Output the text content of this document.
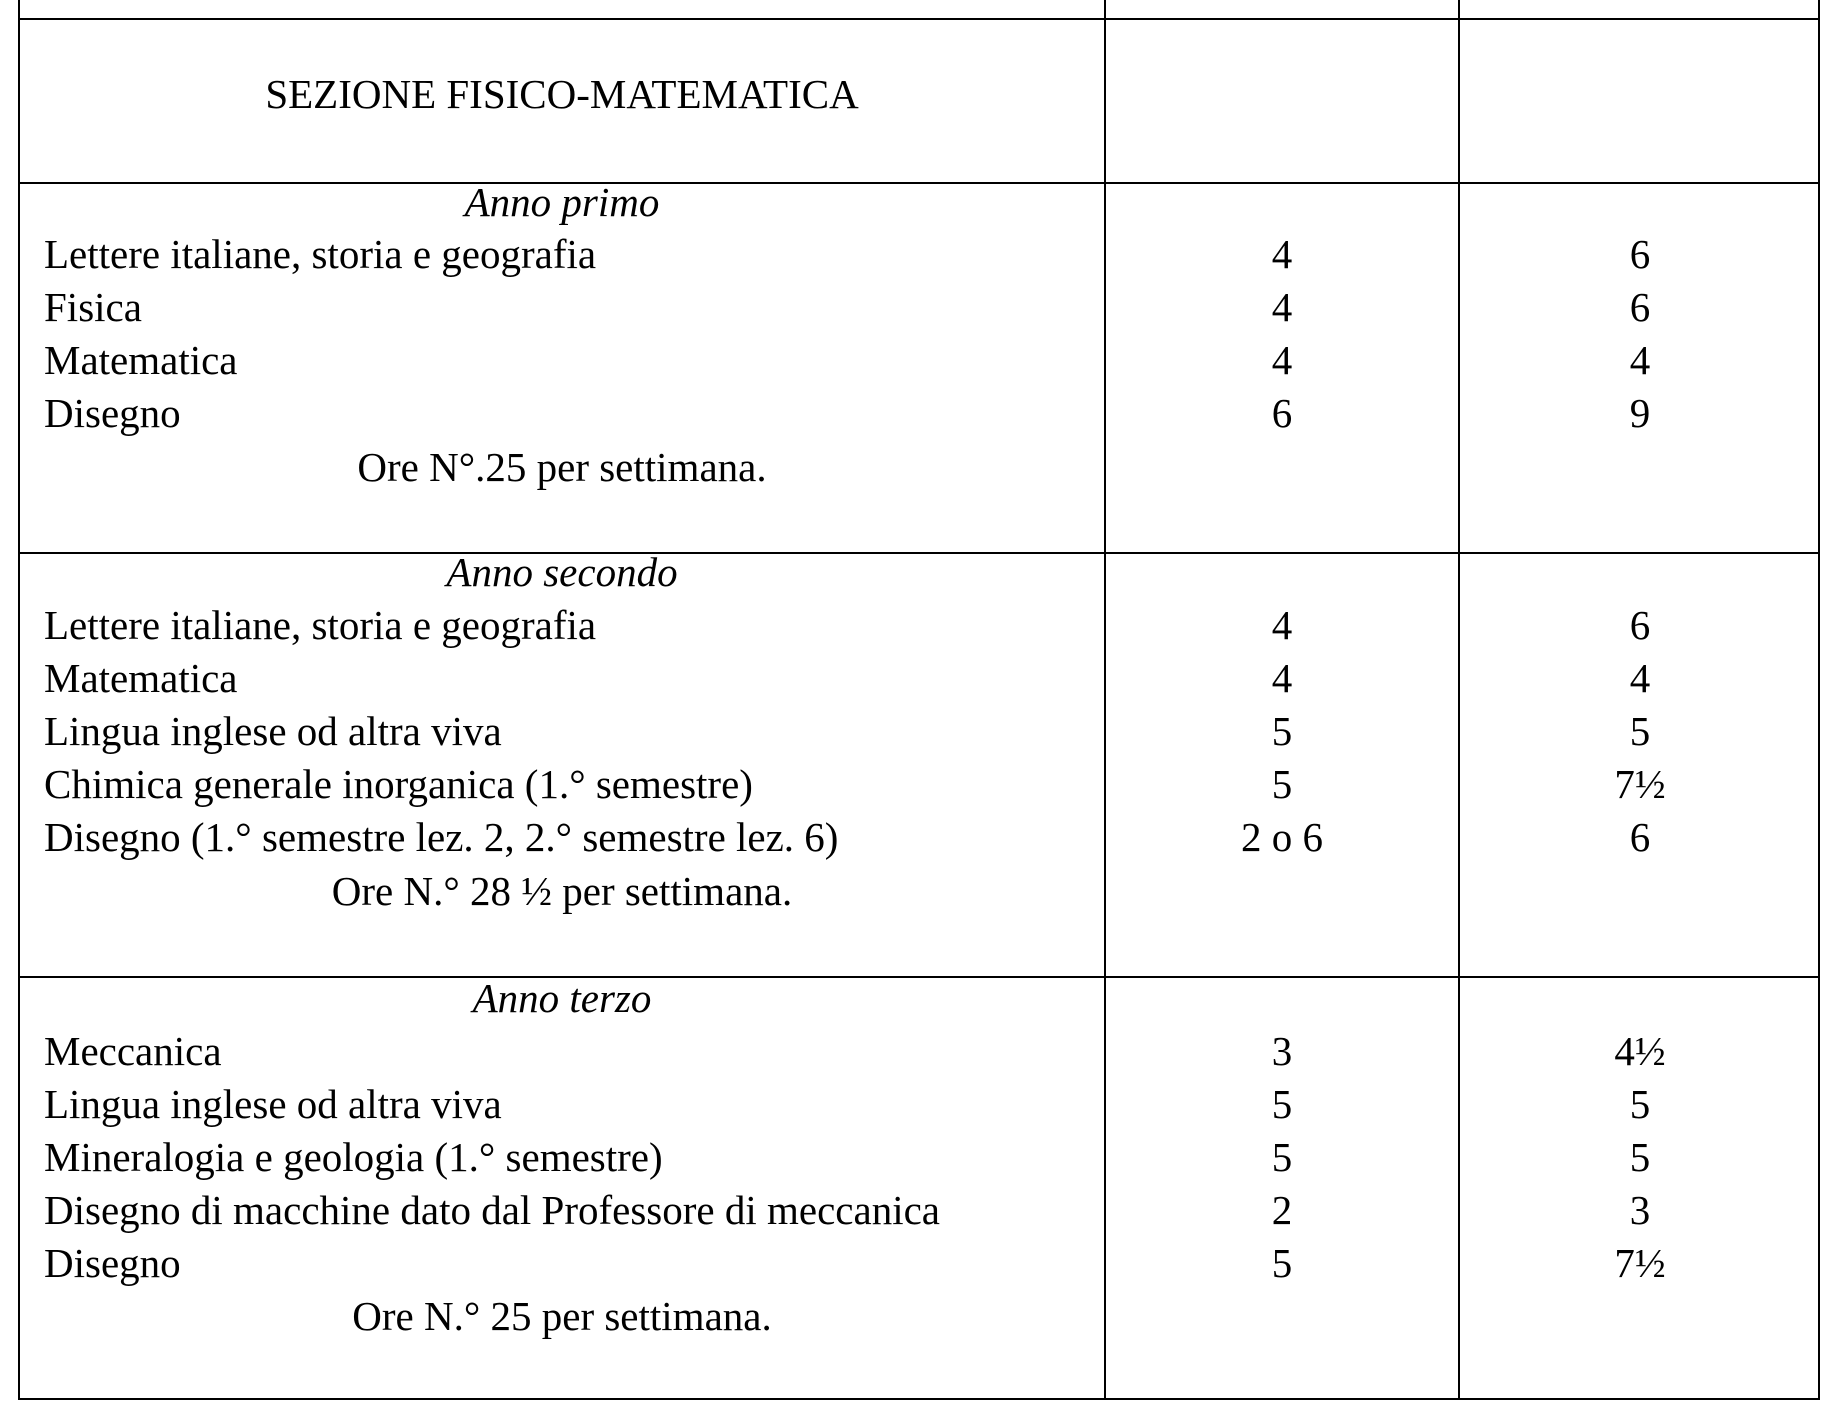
SEZIONE FISICO-MATEMATICA
Anno primo
Lettere italiane, storia e geografia	4	6
Fisica	4	6
Matematica	4	4
Disegno	6	9
Ore N°.25 per settimana.
Anno secondo
Lettere italiane, storia e geografia	4	6
Matematica	4	4
Lingua inglese od altra viva	5	5
Chimica generale inorganica (1.° semestre)	5	7½
Disegno (1.° semestre lez. 2, 2.° semestre lez. 6)	2 o 6	6
Ore N.° 28 ½ per settimana.
Anno terzo
Meccanica	3	4½
Lingua inglese od altra viva	5	5
Mineralogia e geologia (1.° semestre)	5	5
Disegno di macchine dato dal Professore di meccanica	2	3
Disegno	5	7½
Ore N.° 25 per settimana.
